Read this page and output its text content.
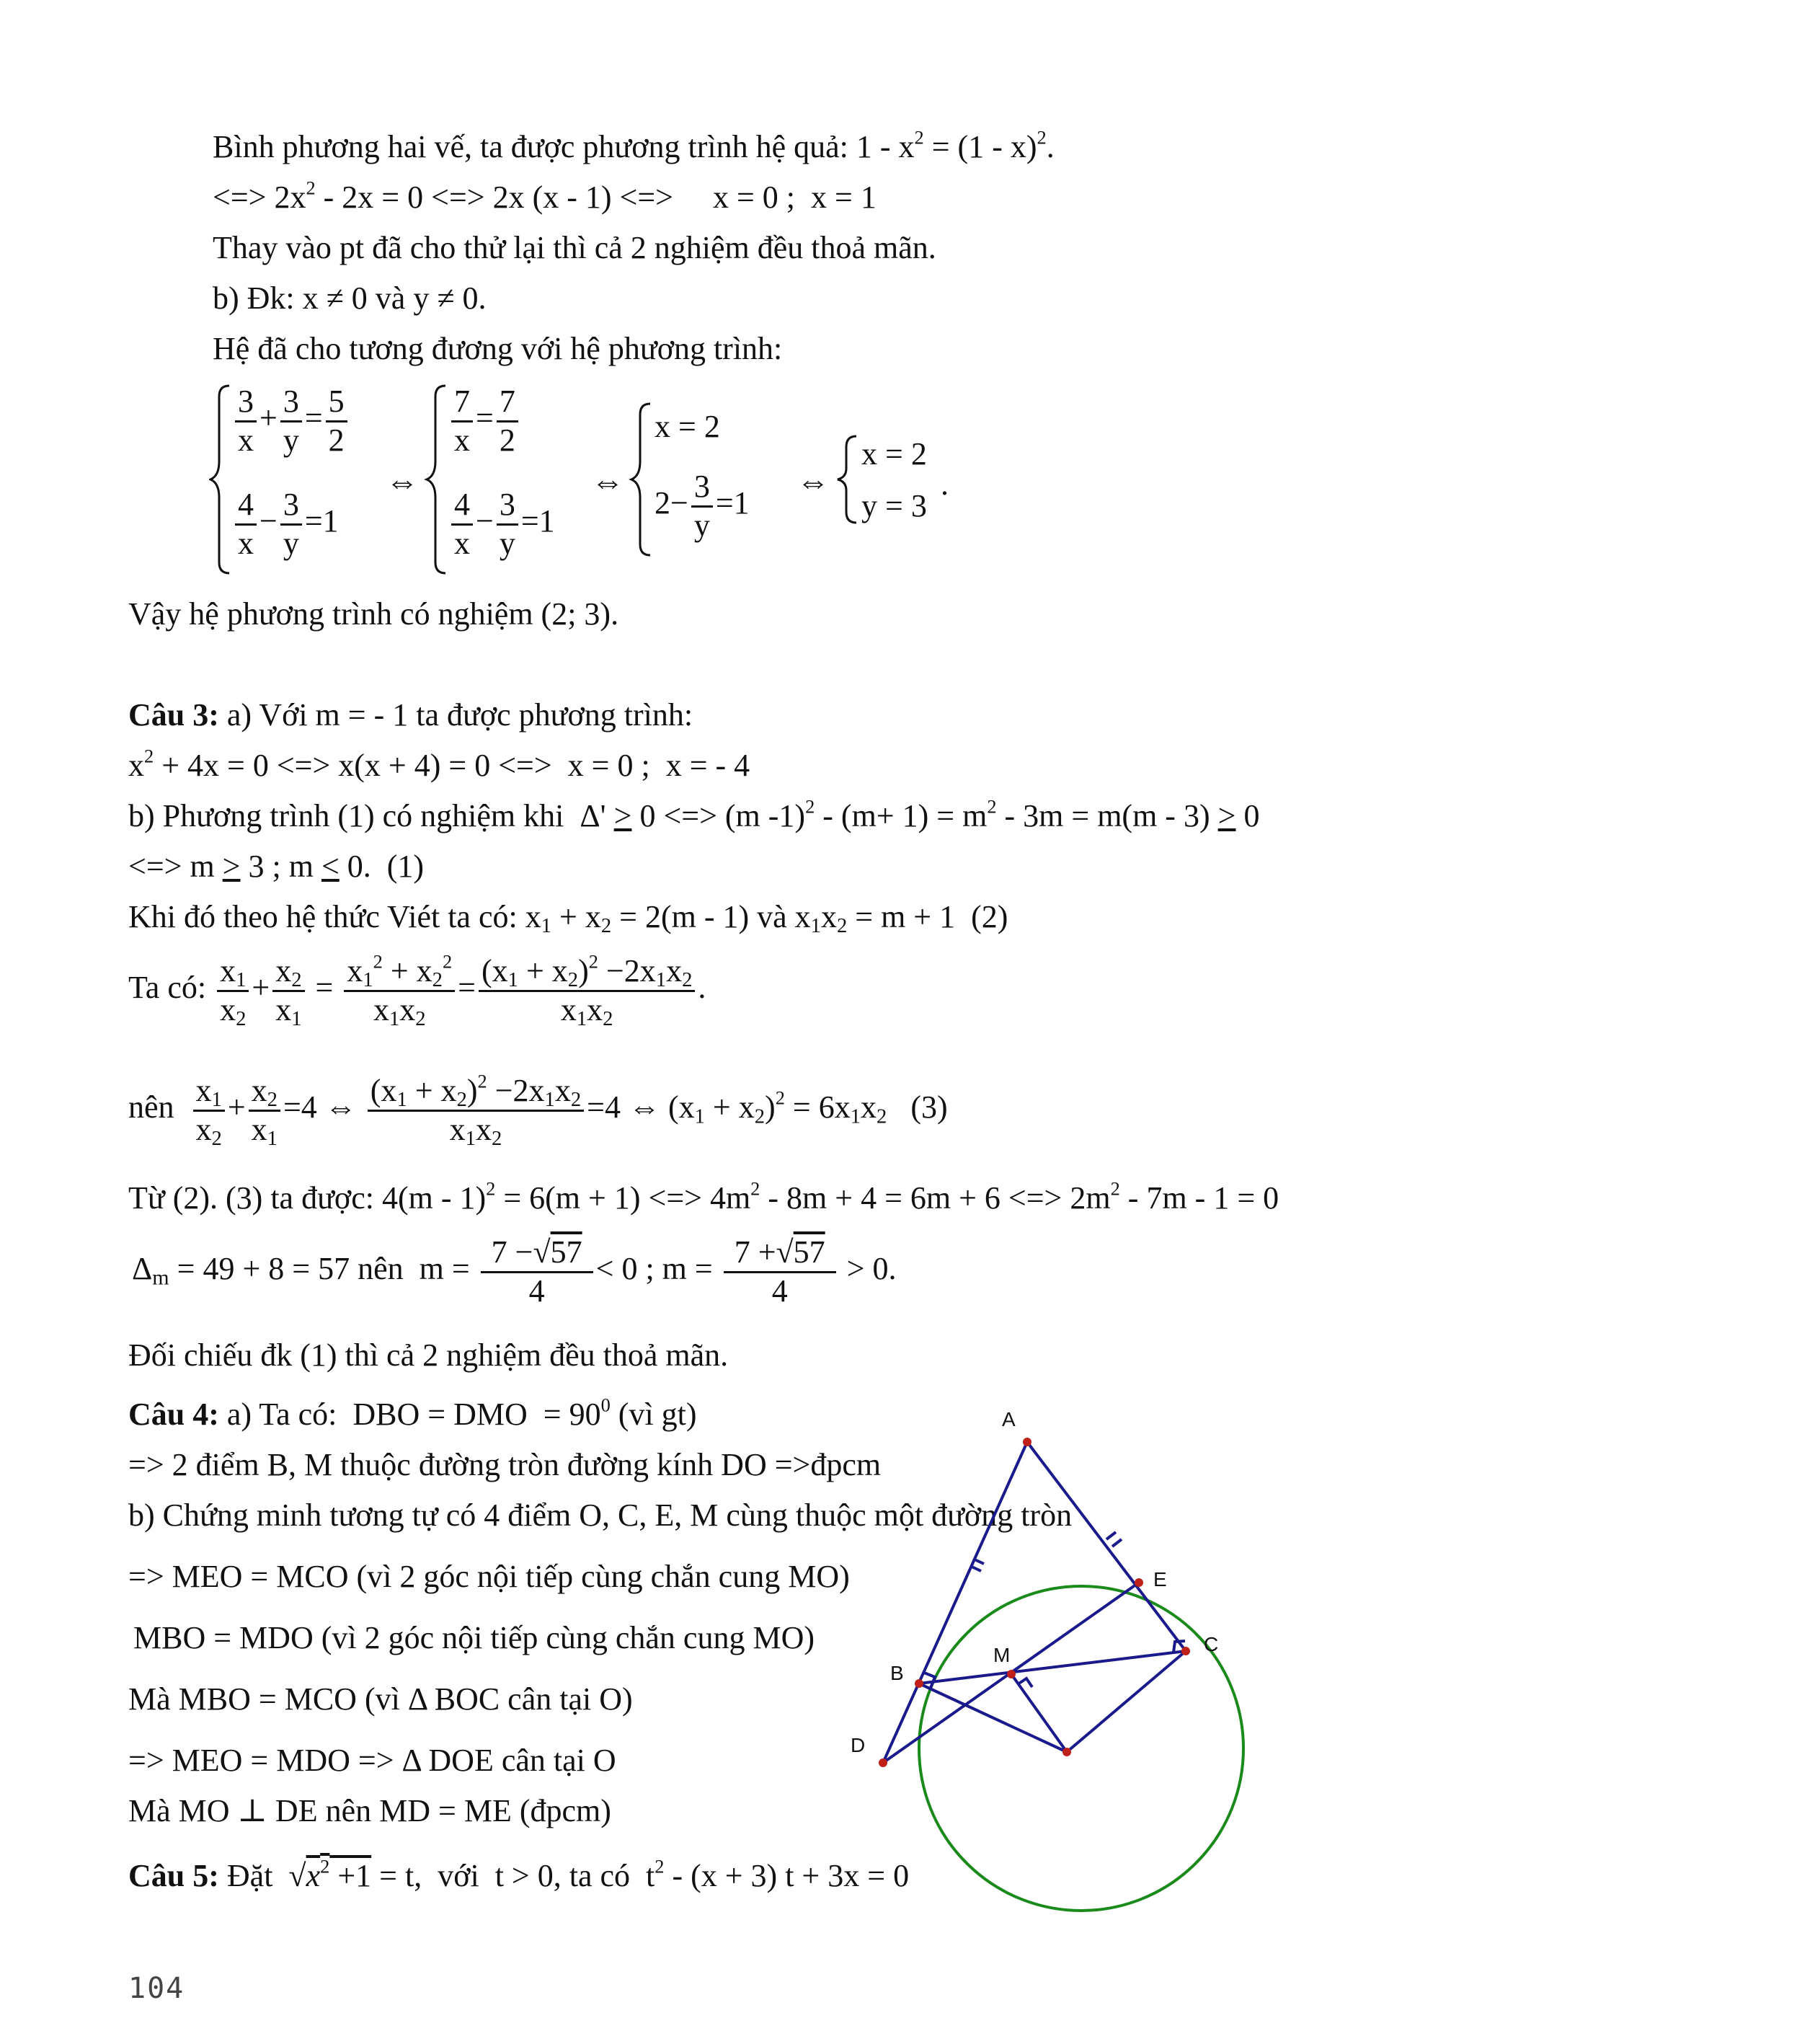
Bình phương hai vế, ta được phương trình hệ quả: $1 - x^2 = (1 - x)^2$.
<=> $2x^2 - 2x = 0$ <=> 2x (x - 1) <=>     x = 0 ;  x = 1
Thay vào pt đã cho thử lại thì cả 2 nghiệm đều thoả mãn.
b) Đk: x ≠ 0 và y ≠ 0.
Hệ đã cho tương đương với hệ phương trình:
$\frac{3}{x} + \frac{3}{y} = \frac{5}{2}$
$\frac{4}{x} - \frac{3}{y} =1$
⇔
$\frac{7}{x} = \frac{7}{2}$
$\frac{4}{x} - \frac{3}{y} =1$
⇔
x = 2
$2- \frac{3}{y} =1$
⇔
x = 2
y = 3
.
Vậy hệ phương trình có nghiệm (2; 3).
Câu 3: a) Với m = - 1 ta được phương trình:
$x^2 + 4x = 0$ <=> x(x + 4) = 0 <=>  x = 0 ;  x = - 4
b) Phương trình (1) có nghiệm khi  Δ' > 0 <=> (m $-1)^2 - (m+ 1) = m^2 - 3m = m(m - 3) > 0$
<=> m > 3 ; m < 0.  (1)
Khi đó theo hệ thức Viét ta có: $x_1 + x_2 = 2(m - 1)$ và $x_1x_2 = m + 1$  (2)
Ta có: $\frac{x_1}{x_2} + \frac{x_2}{x_1} = \frac{x_1^2 + x_2^2}{x_1x_2} = \frac{(x_1 + x_2)^2 -2x_1x_2}{x_1x_2}$ .
nên $\frac{x_1}{x_2} + \frac{x_2}{x_1} =4$ ⇔ $\frac{(x_1 + x_2)^2 -2x_1x_2}{x_1x_2} =4$ ⇔ $(x_1 + x_2)^2 = 6x_1x_2$   (3)
Từ (2). (3) ta được: 4(m - 1)$^2$ = 6(m + 1) <=> $4m^2 - 8m + 4 = 6m + 6$ <=> $2m^2 - 7m - 1 = 0$
$\Delta_m = 49 + 8 = 57$ nên  $m = \frac{7 -√57}{4} < 0$ ; $m = \frac{7 +√57}{4} > 0$.
Đối chiếu đk (1) thì cả 2 nghiệm đều thoả mãn.
Câu 4: a) Ta có:  DBO = DMO  = $90^0$ (vì gt)
=> 2 điểm B, M thuộc đường tròn đường kính DO =>đpcm
b) Chứng minh tương tự có 4 điểm O, C, E, M cùng thuộc một đường tròn
=> MEO = MCO (vì 2 góc nội tiếp cùng chắn cung MO)
MBO = MDO (vì 2 góc nội tiếp cùng chắn cung MO)
Mà MBO = MCO (vì Δ BOC cân tại O)
=> MEO = MDO => Δ DOE cân tại O
Mà MO ⊥ DE nên MD = ME (đpcm)
Câu 5: Đặt  $√x^2 +1 = t$,  với  t > 0, ta có  $t^2 - (x + 3) t + 3x = 0$
A
E
C
M
B
D
104
